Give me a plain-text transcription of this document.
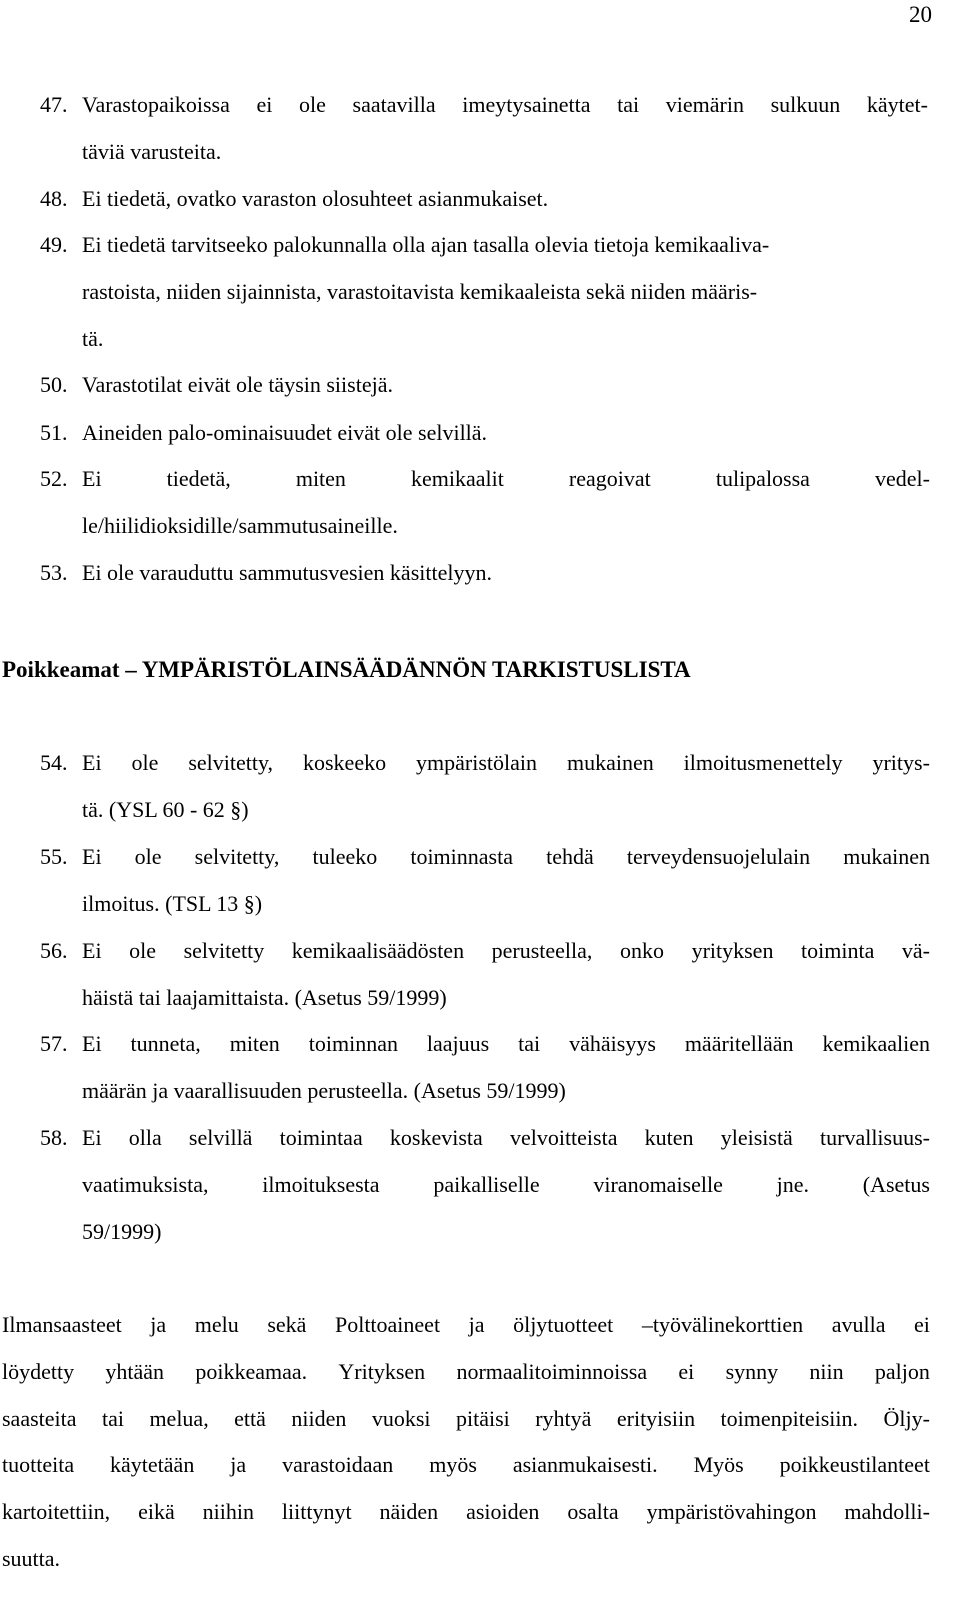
20
47. Varastopaikoissa ei ole saatavilla imeytysainetta tai viemärin sulkuun käytet-
täviä varusteita.
48. Ei tiedetä, ovatko varaston olosuhteet asianmukaiset.
49. Ei tiedetä tarvitseeko palokunnalla olla ajan tasalla olevia tietoja kemikaaliva-
rastoista, niiden sijainnista, varastoitavista kemikaaleista sekä niiden määris-
tä.
50. Varastotilat eivät ole täysin siistejä.
51. Aineiden palo-ominaisuudet eivät ole selvillä.
52. Ei	tiedetä,	miten	kemikaalit	reagoivat	tulipalossa	vedel-
le/hiilidioksidille/sammutusaineille.
53. Ei ole varauduttu sammutusvesien käsittelyyn.
Poikkeamat – YMPÄRISTÖLAINSÄÄDÄNNÖN TARKISTUSLISTA
54. Ei ole selvitetty, koskeeko ympäristölain mukainen ilmoitusmenettely yritys-
tä. (YSL 60 - 62 §)
55. Ei ole selvitetty, tuleeko toiminnasta tehdä terveydensuojelulain mukainen
ilmoitus. (TSL 13 §)
56. Ei ole selvitetty kemikaalisäädösten perusteella, onko yrityksen toiminta vä-
häistä tai laajamittaista. (Asetus 59/1999)
57. Ei tunneta, miten toiminnan laajuus tai vähäisyys määritellään kemikaalien
määrän ja vaarallisuuden perusteella. (Asetus 59/1999)
58. Ei olla selvillä toimintaa koskevista velvoitteista kuten yleisistä turvallisuus-
vaatimuksista, ilmoituksesta paikalliselle viranomaiselle jne. (Asetus
59/1999)
Ilmansaasteet ja melu sekä Polttoaineet ja öljytuotteet –työvälinekorttien avulla ei
löydetty yhtään poikkeamaa. Yrityksen normaalitoiminnoissa ei synny niin paljon
saasteita tai melua, että niiden vuoksi pitäisi ryhtyä erityisiin toimenpiteisiin. Öljy-
tuotteita käytetään ja varastoidaan myös asianmukaisesti. Myös poikkeustilanteet
kartoitettiin, eikä niihin liittynyt näiden asioiden osalta ympäristövahingon mahdolli-
suutta.
